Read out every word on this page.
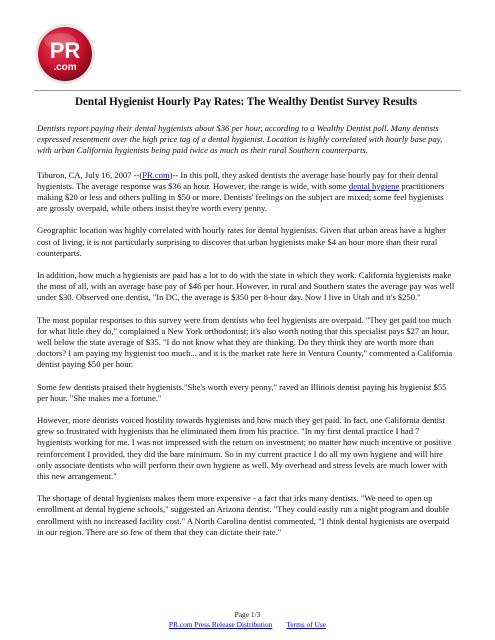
PR
.com
Dental Hygienist Hourly Pay Rates: The Wealthy Dentist Survey Results
Dentists report paying their dental hygienists about $36 per hour, according to a Wealthy Dentist poll. Many dentists expressed resentment over the high price tag of a dental hygienist. Location is highly correlated with hourly base pay, with urban California hygienists being paid twice as much as their rural Southern counterparts.

Tiburon, CA, July 16, 2007 --(PR.com)-- In this poll, they asked dentists the average base hourly pay for their dental hygienists. The average response was $36 an hour. However, the range is wide, with some dental hygiene practitioners making $20 or less and others pulling in $50 or more. Dentists' feelings on the subject are mixed; some feel hygienists are grossly overpaid, while others insist they're worth every penny.

Geographic location was highly correlated with hourly rates for dental hygienists. Given that urban areas have a higher cost of living, it is not particularly surprising to discover that urban hygienists make $4 an hour more than their rural counterparts.

In addition, how much a hygienists are paid has a lot to do with the state in which they work. California hygienists make the most of all, with an average base pay of $46 per hour. However, in rural and Southern states the average pay was well under $30. Observed one dentist, "In DC, the average is $350 per 8-hour day. Now I live in Utah and it's $250."

The most popular responses to this survey were from dentists who feel hygienists are overpaid. "They get paid too much for what little they do," complained a New York orthodontist; it's also worth noting that this specialist pays $27 an hour, well below the state average of $35. "I do not know what they are thinking. Do they think they are worth more than doctors? I am paying my hygienist too much... and it is the market rate here in Ventura County," commented a California dentist paying $50 per hour.

Some few dentists praised their hygienists."She's worth every penny," raved an Illinois dentist paying his hygienist $55 per hour. "She makes me a fortune."

However, more dentists voiced hostility towards hygienists and how much they get paid. In fact, one California dentist grew so frustrated with hygienists that he eliminated them from his practice. "In my first dental practice I had 7 hygienists working for me. I was not impressed with the return on investment; no matter how much incentive or positive reinforcement I provided, they did the bare minimum. So in my current practice I do all my own hygiene and will hire only associate dentists who will perform their own hygiene as well. My overhead and stress levels are much lower with this new arrangement."

The shortage of dental hygienists makes them more expensive - a fact that irks many dentists. "We need to open up enrollment at dental hygiene schools," suggested an Arizona dentist. "They could easily run a night program and double enrollment with no increased facility cost." A North Carolina dentist commented, "I think dental hygienists are overpaid in our region. There are so few of them that they can dictate their rate."

Page 1/3
PR.com Press Release Distribution Terms of Use
